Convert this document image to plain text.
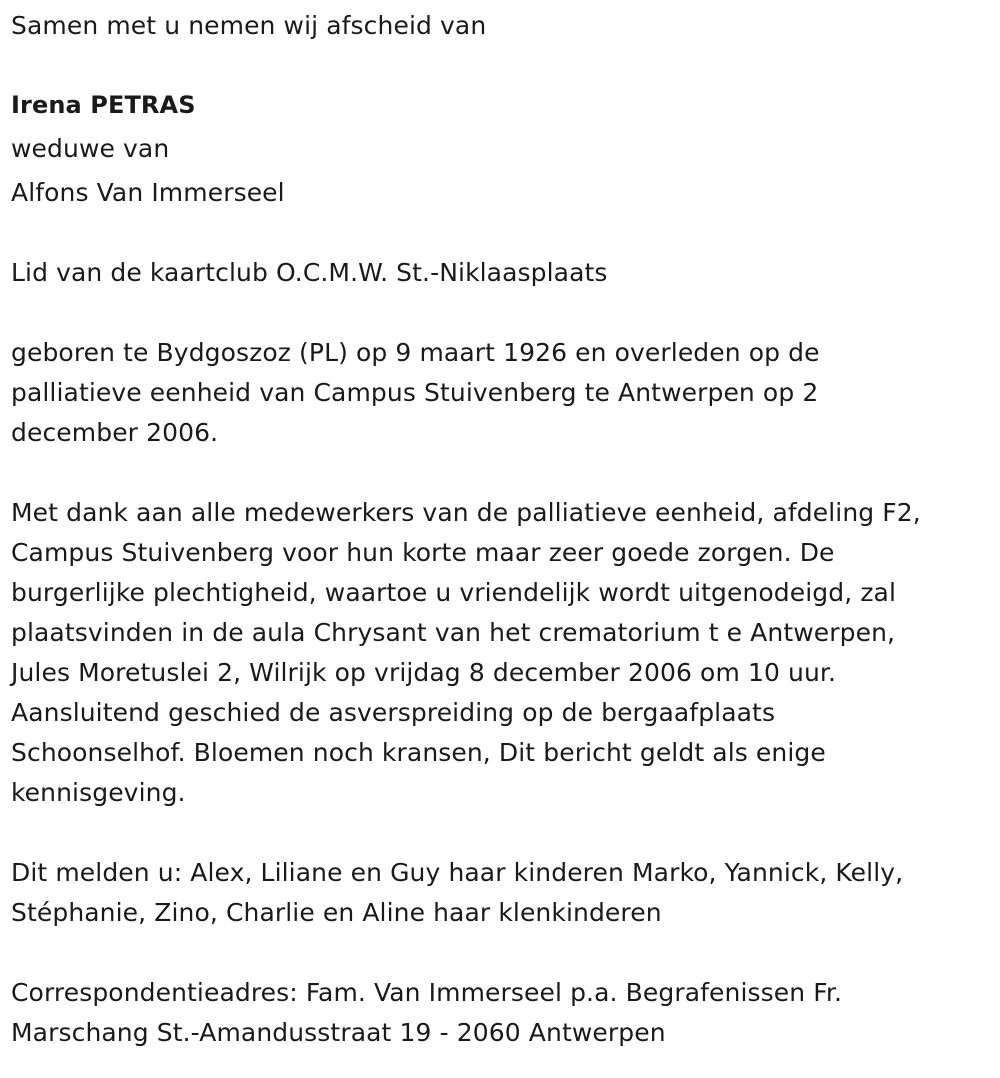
Samen met u nemen wij afscheid van
Irena PETRAS
weduwe van
Alfons Van Immerseel
Lid van de kaartclub O.C.M.W. St.-Niklaasplaats
geboren te Bydgoszoz (PL) op 9 maart 1926 en overleden op de
palliatieve eenheid van Campus Stuivenberg te Antwerpen op 2
december 2006.
Met dank aan alle medewerkers van de palliatieve eenheid, afdeling F2,
Campus Stuivenberg voor hun korte maar zeer goede zorgen. De
burgerlijke plechtigheid, waartoe u vriendelijk wordt uitgenodeigd, zal
plaatsvinden in de aula Chrysant van het crematorium t e Antwerpen,
Jules Moretuslei 2, Wilrijk op vrijdag 8 december 2006 om 10 uur.
Aansluitend geschied de asverspreiding op de bergaafplaats
Schoonselhof. Bloemen noch kransen, Dit bericht geldt als enige
kennisgeving.
Dit melden u: Alex, Liliane en Guy haar kinderen Marko, Yannick, Kelly,
Stéphanie, Zino, Charlie en Aline haar klenkinderen
Correspondentieadres: Fam. Van Immerseel p.a. Begrafenissen Fr.
Marschang St.-Amandusstraat 19 - 2060 Antwerpen
